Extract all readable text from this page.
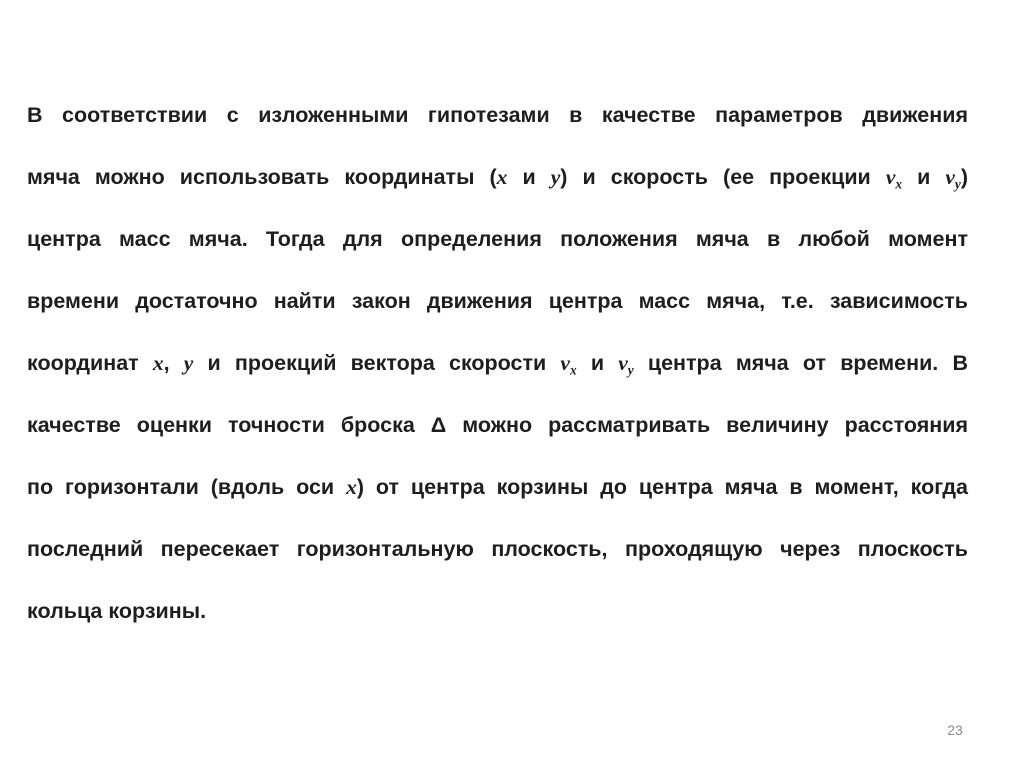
В соответствии с изложенными гипотезами в качестве параметров движения
мяча можно использовать координаты (x и y) и скорость (ее проекции $v_x$ и $v_y$)
центра масс мяча. Тогда для определения положения мяча в любой момент
времени достаточно найти закон движения центра масс мяча, т.е. зависимость
координат x, y и проекций вектора скорости $v_x$ и $v_y$ центра мяча от времени. В
качестве оценки точности броска Δ можно рассматривать величину расстояния
по горизонтали (вдоль оси x) от центра корзины до центра мяча в момент, когда
последний пересекает горизонтальную плоскость, проходящую через плоскость
кольца корзины.
23
